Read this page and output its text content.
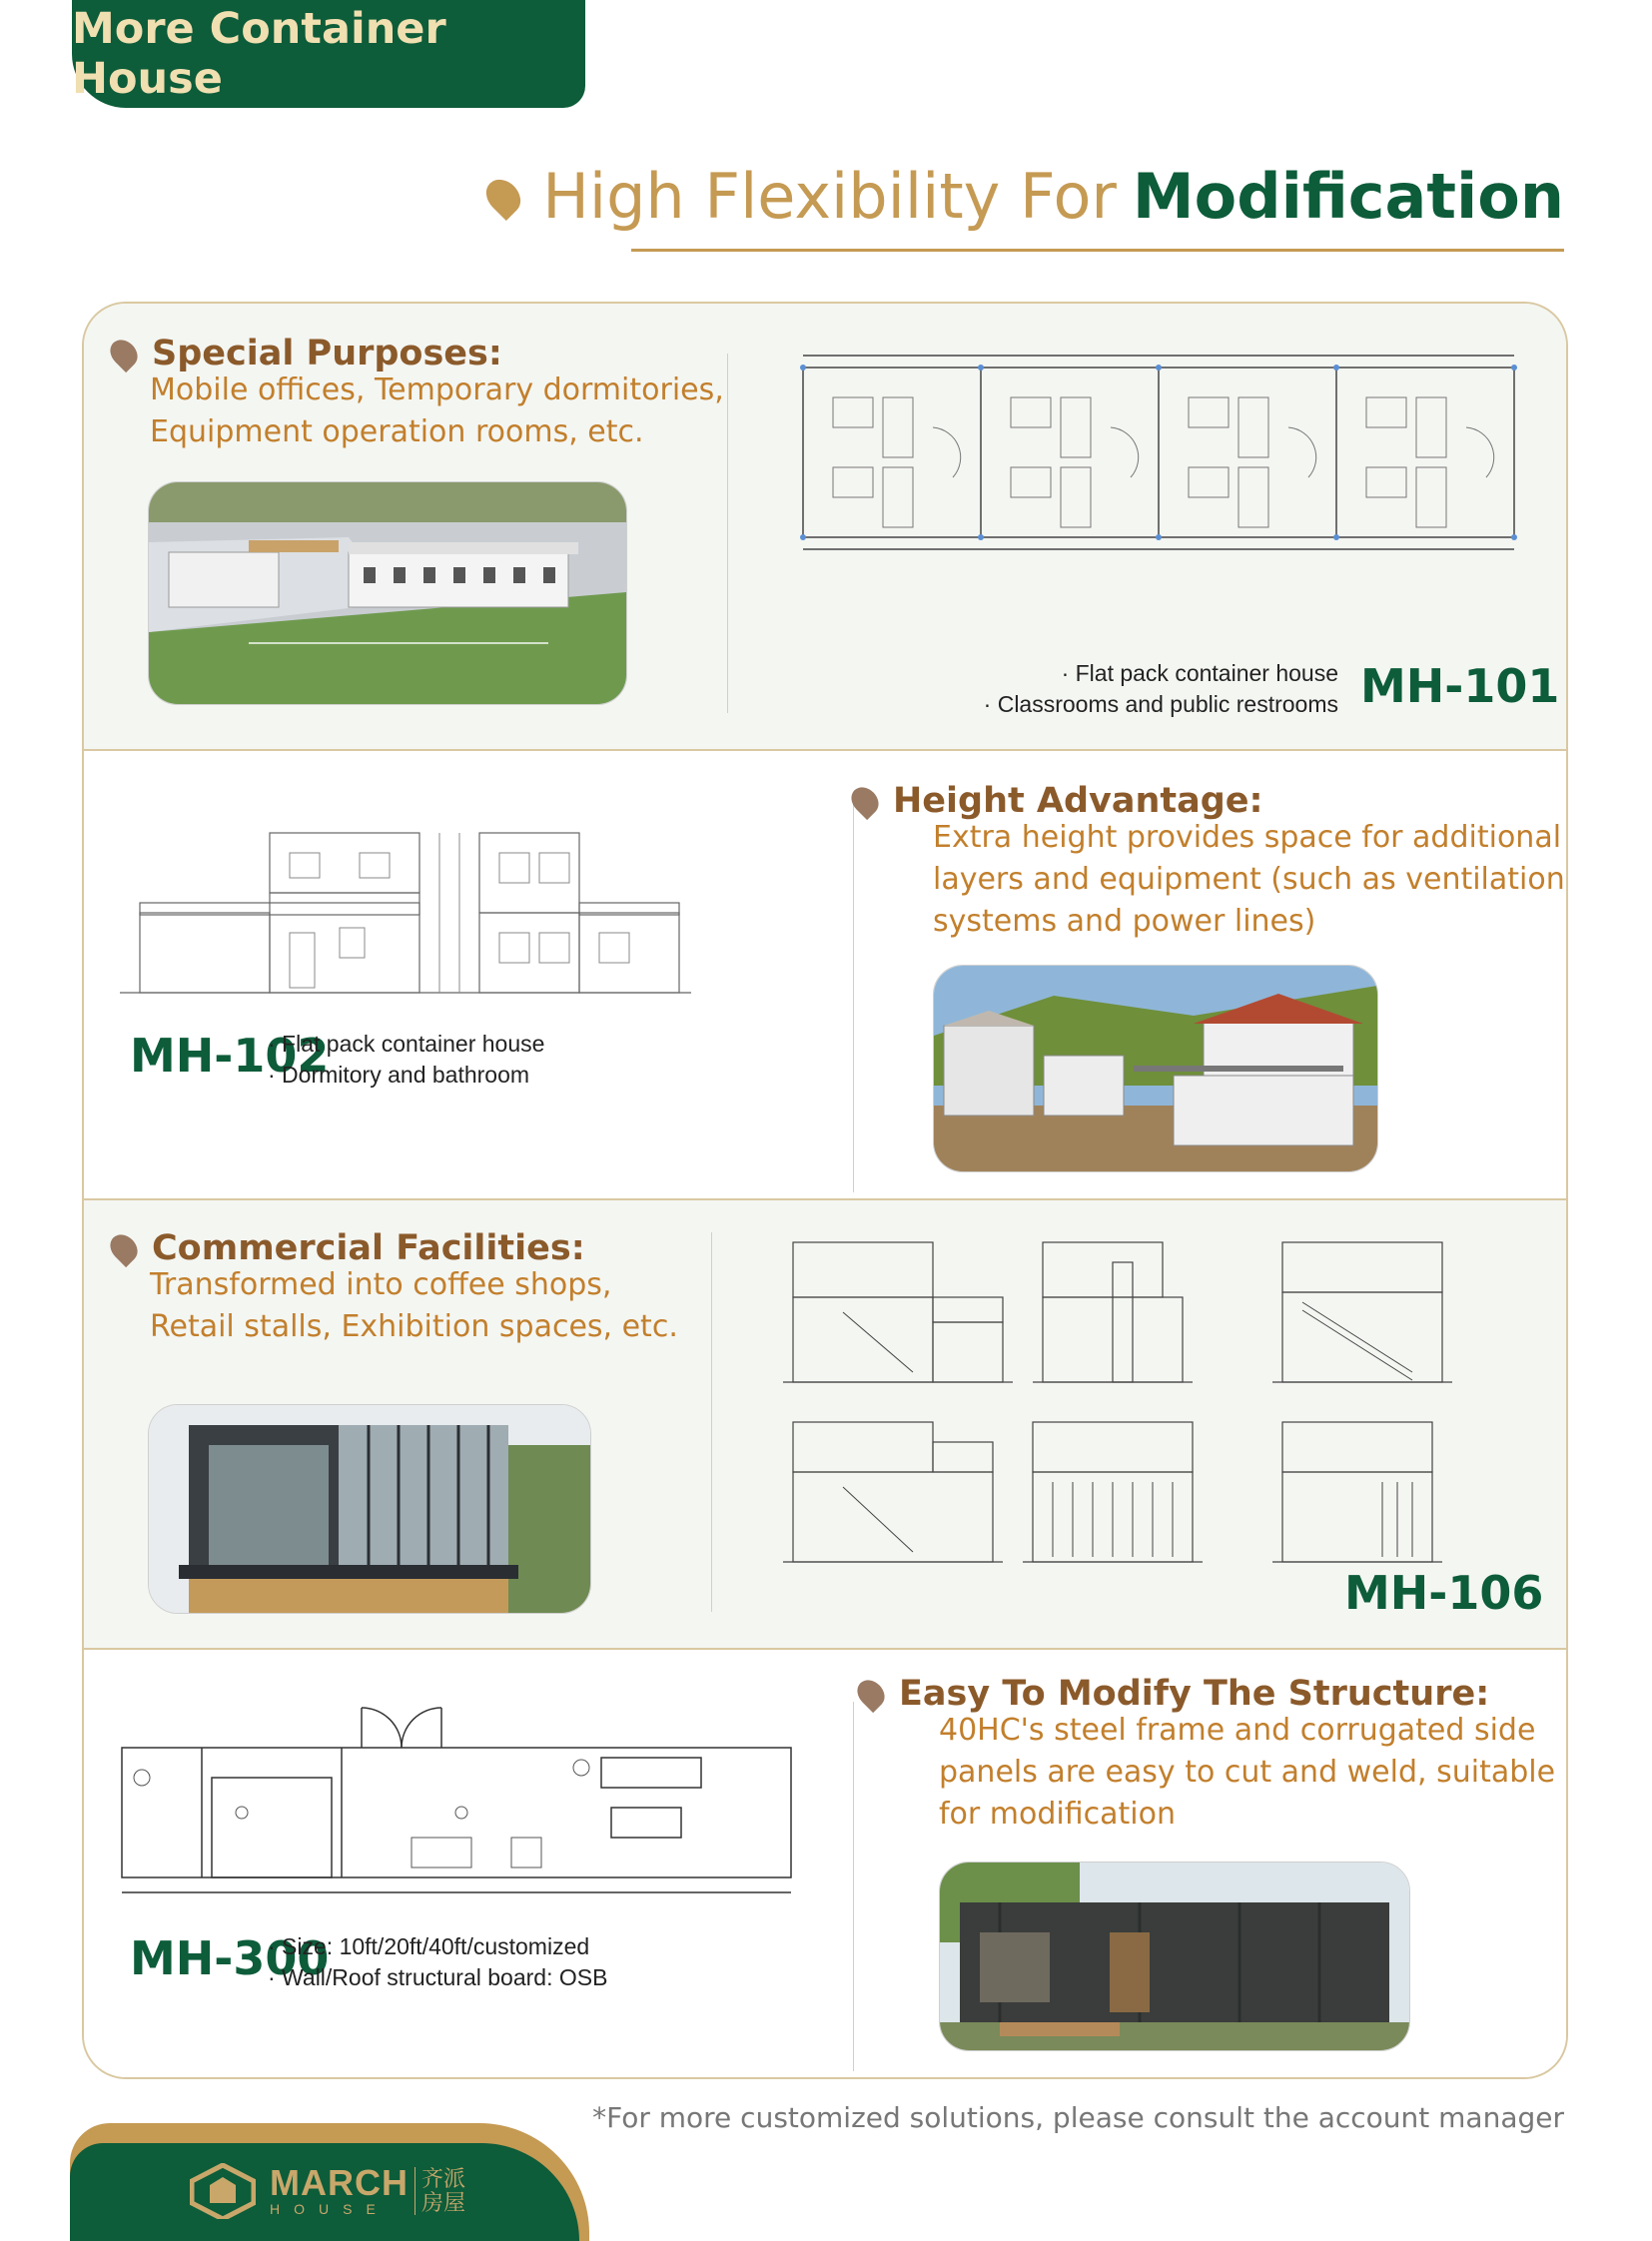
More Container House
High Flexibility For Modification
Special Purposes:
Mobile offices, Temporary dormitories,
Equipment operation rooms, etc.
· Flat pack container house
· Classrooms and public restrooms MH-101
MH-102
· Flat pack container house
· Dormitory and bathroom
Height Advantage:
Extra height provides space for additional
layers and equipment (such as ventilation
systems and power lines)
Commercial Facilities:
Transformed into coffee shops,
Retail stalls, Exhibition spaces, etc.
MH-106
MH-300
· Size: 10ft/20ft/40ft/customized
· Wall/Roof structural board: OSB
Easy To Modify The Structure:
40HC's steel frame and corrugated side
panels are easy to cut and weld, suitable
for modification
*For more customized solutions, please consult the account manager
MARCH
HOUSE
齐派
房屋
